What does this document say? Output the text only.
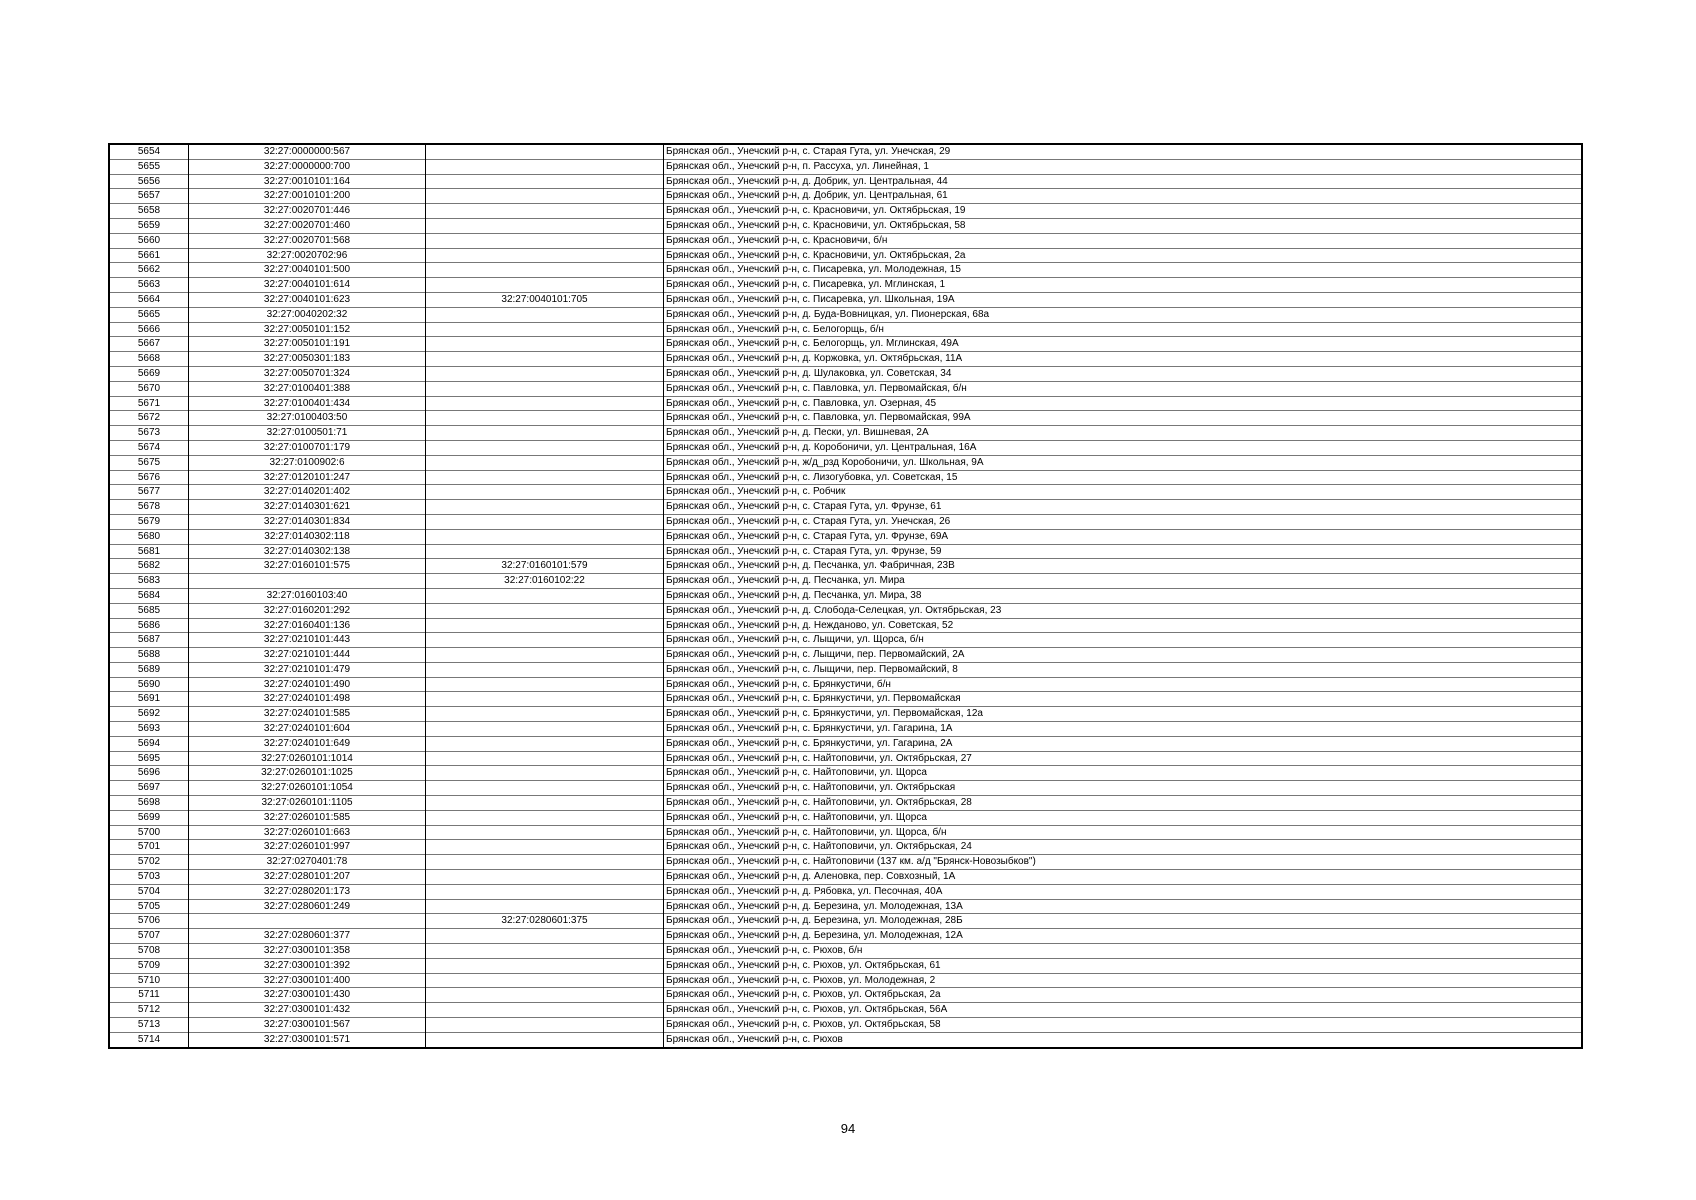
5654	32:27:0000000:567		Брянская обл., Унечский р-н, с. Старая Гута, ул. Унечская, 29
5655	32:27:0000000:700		Брянская обл., Унечский р-н, п. Рассуха, ул. Линейная, 1
5656	32:27:0010101:164		Брянская обл., Унечский р-н, д. Добрик, ул. Центральная, 44
5657	32:27:0010101:200		Брянская обл., Унечский р-н, д. Добрик, ул. Центральная, 61
5658	32:27:0020701:446		Брянская обл., Унечский р-н, с. Красновичи, ул. Октябрьская, 19
5659	32:27:0020701:460		Брянская обл., Унечский р-н, с. Красновичи, ул. Октябрьская, 58
5660	32:27:0020701:568		Брянская обл., Унечский р-н, с. Красновичи, б/н
5661	32:27:0020702:96		Брянская обл., Унечский р-н, с. Красновичи, ул. Октябрьская, 2а
5662	32:27:0040101:500		Брянская обл., Унечский р-н, с. Писаревка, ул. Молодежная, 15
5663	32:27:0040101:614		Брянская обл., Унечский р-н, с. Писаревка, ул. Мглинская, 1
5664	32:27:0040101:623	32:27:0040101:705	Брянская обл., Унечский р-н, с. Писаревка, ул. Школьная, 19А
5665	32:27:0040202:32		Брянская обл., Унечский р-н, д. Буда-Вовницкая, ул. Пионерская, 68а
5666	32:27:0050101:152		Брянская обл., Унечский р-н, с. Белогорщь, б/н
5667	32:27:0050101:191		Брянская обл., Унечский р-н, с. Белогорщь, ул. Мглинская, 49А
5668	32:27:0050301:183		Брянская обл., Унечский р-н, д. Коржовка, ул. Октябрьская, 11А
5669	32:27:0050701:324		Брянская обл., Унечский р-н, д. Шулаковка, ул. Советская, 34
5670	32:27:0100401:388		Брянская обл., Унечский р-н, с. Павловка, ул. Первомайская, б/н
5671	32:27:0100401:434		Брянская обл., Унечский р-н, с. Павловка, ул. Озерная, 45
5672	32:27:0100403:50		Брянская обл., Унечский р-н, с. Павловка, ул. Первомайская, 99А
5673	32:27:0100501:71		Брянская обл., Унечский р-н, д. Пески, ул. Вишневая, 2А
5674	32:27:0100701:179		Брянская обл., Унечский р-н, д. Коробоничи, ул. Центральная, 16А
5675	32:27:0100902:6		Брянская обл., Унечский р-н, ж/д_рзд Коробоничи, ул. Школьная, 9А
5676	32:27:0120101:247		Брянская обл., Унечский р-н, с. Лизогубовка, ул. Советская, 15
5677	32:27:0140201:402		Брянская обл., Унечский р-н, с. Робчик
5678	32:27:0140301:621		Брянская обл., Унечский р-н, с. Старая Гута, ул. Фрунзе, 61
5679	32:27:0140301:834		Брянская обл., Унечский р-н, с. Старая Гута, ул. Унечская, 26
5680	32:27:0140302:118		Брянская обл., Унечский р-н, с. Старая Гута, ул. Фрунзе, 69А
5681	32:27:0140302:138		Брянская обл., Унечский р-н, с. Старая Гута, ул. Фрунзе, 59
5682	32:27:0160101:575	32:27:0160101:579	Брянская обл., Унечский р-н, д. Песчанка, ул. Фабричная, 23В
5683		32:27:0160102:22	Брянская обл., Унечский р-н, д. Песчанка, ул. Мира
5684	32:27:0160103:40		Брянская обл., Унечский р-н, д. Песчанка, ул. Мира, 38
5685	32:27:0160201:292		Брянская обл., Унечский р-н, д. Слобода-Селецкая, ул. Октябрьская, 23
5686	32:27:0160401:136		Брянская обл., Унечский р-н, д. Нежданово, ул. Советская, 52
5687	32:27:0210101:443		Брянская обл., Унечский р-н, с. Лыщичи, ул. Щорса, б/н
5688	32:27:0210101:444		Брянская обл., Унечский р-н, с. Лыщичи, пер. Первомайский, 2А
5689	32:27:0210101:479		Брянская обл., Унечский р-н, с. Лыщичи, пер. Первомайский, 8
5690	32:27:0240101:490		Брянская обл., Унечский р-н, с. Брянкустичи, б/н
5691	32:27:0240101:498		Брянская обл., Унечский р-н, с. Брянкустичи, ул. Первомайская
5692	32:27:0240101:585		Брянская обл., Унечский р-н, с. Брянкустичи, ул. Первомайская, 12а
5693	32:27:0240101:604		Брянская обл., Унечский р-н, с. Брянкустичи, ул. Гагарина, 1А
5694	32:27:0240101:649		Брянская обл., Унечский р-н, с. Брянкустичи, ул. Гагарина, 2А
5695	32:27:0260101:1014		Брянская обл., Унечский р-н, с. Найтоповичи, ул. Октябрьская, 27
5696	32:27:0260101:1025		Брянская обл., Унечский р-н, с. Найтоповичи, ул. Щорса
5697	32:27:0260101:1054		Брянская обл., Унечский р-н, с. Найтоповичи, ул. Октябрьская
5698	32:27:0260101:1105		Брянская обл., Унечский р-н, с. Найтоповичи, ул. Октябрьская, 28
5699	32:27:0260101:585		Брянская обл., Унечский р-н, с. Найтоповичи, ул. Щорса
5700	32:27:0260101:663		Брянская обл., Унечский р-н, с. Найтоповичи, ул. Щорса, б/н
5701	32:27:0260101:997		Брянская обл., Унечский р-н, с. Найтоповичи, ул. Октябрьская, 24
5702	32:27:0270401:78		Брянская обл., Унечский р-н, с. Найтоповичи (137 км. а/д "Брянск-Новозыбков")
5703	32:27:0280101:207		Брянская обл., Унечский р-н, д. Аленовка, пер. Совхозный, 1А
5704	32:27:0280201:173		Брянская обл., Унечский р-н, д. Рябовка, ул. Песочная, 40А
5705	32:27:0280601:249		Брянская обл., Унечский р-н, д. Березина, ул. Молодежная, 13А
5706		32:27:0280601:375	Брянская обл., Унечский р-н, д. Березина, ул. Молодежная, 28Б
5707	32:27:0280601:377		Брянская обл., Унечский р-н, д. Березина, ул. Молодежная, 12А
5708	32:27:0300101:358		Брянская обл., Унечский р-н, с. Рюхов, б/н
5709	32:27:0300101:392		Брянская обл., Унечский р-н, с. Рюхов, ул. Октябрьская, 61
5710	32:27:0300101:400		Брянская обл., Унечский р-н, с. Рюхов, ул. Молодежная, 2
5711	32:27:0300101:430		Брянская обл., Унечский р-н, с. Рюхов, ул. Октябрьская, 2а
5712	32:27:0300101:432		Брянская обл., Унечский р-н, с. Рюхов, ул. Октябрьская, 56А
5713	32:27:0300101:567		Брянская обл., Унечский р-н, с. Рюхов, ул. Октябрьская, 58
5714	32:27:0300101:571		Брянская обл., Унечский р-н, с. Рюхов
94
